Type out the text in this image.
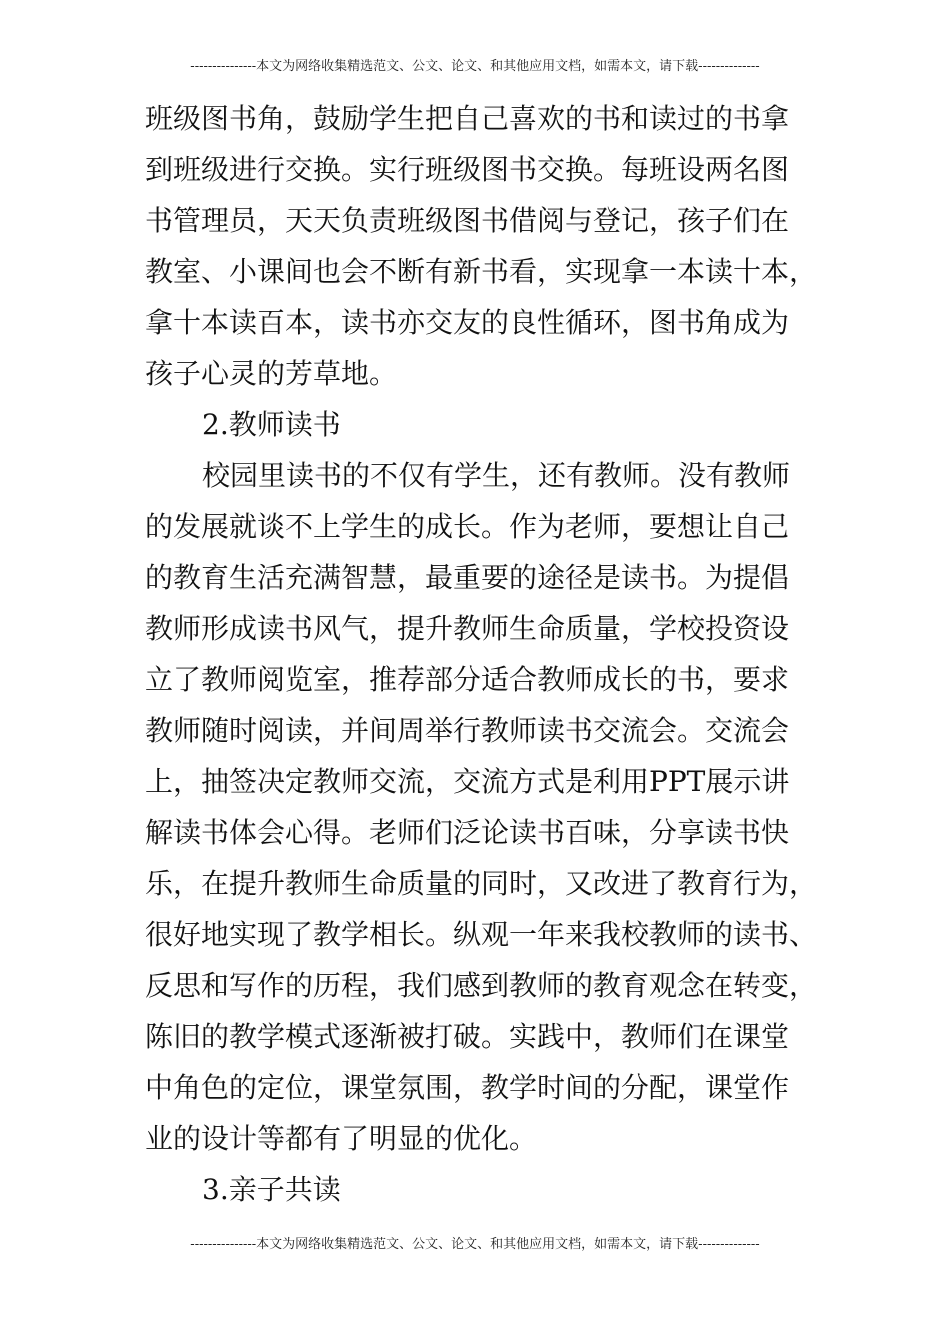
---------------本文为网络收集精选范文、公文、论文、和其他应用文档，如需本文，请下载--------------
班级图书角，鼓励学生把自己喜欢的书和读过的书拿
到班级进行交换。实行班级图书交换。每班设两名图
书管理员，天天负责班级图书借阅与登记，孩子们在
教室、小课间也会不断有新书看，实现拿一本读十本，
拿十本读百本，读书亦交友的良性循环，图书角成为
孩子心灵的芳草地。
2.教师读书
校园里读书的不仅有学生，还有教师。没有教师
的发展就谈不上学生的成长。作为老师，要想让自己
的教育生活充满智慧，最重要的途径是读书。为提倡
教师形成读书风气，提升教师生命质量，学校投资设
立了教师阅览室，推荐部分适合教师成长的书，要求
教师随时阅读，并间周举行教师读书交流会。交流会
上，抽签决定教师交流，交流方式是利用PPT展示讲
解读书体会心得。老师们泛论读书百味，分享读书快
乐，在提升教师生命质量的同时，又改进了教育行为，
很好地实现了教学相长。纵观一年来我校教师的读书、
反思和写作的历程，我们感到教师的教育观念在转变，
陈旧的教学模式逐渐被打破。实践中，教师们在课堂
中角色的定位，课堂氛围，教学时间的分配，课堂作
业的设计等都有了明显的优化。
3.亲子共读
---------------本文为网络收集精选范文、公文、论文、和其他应用文档，如需本文，请下载--------------
